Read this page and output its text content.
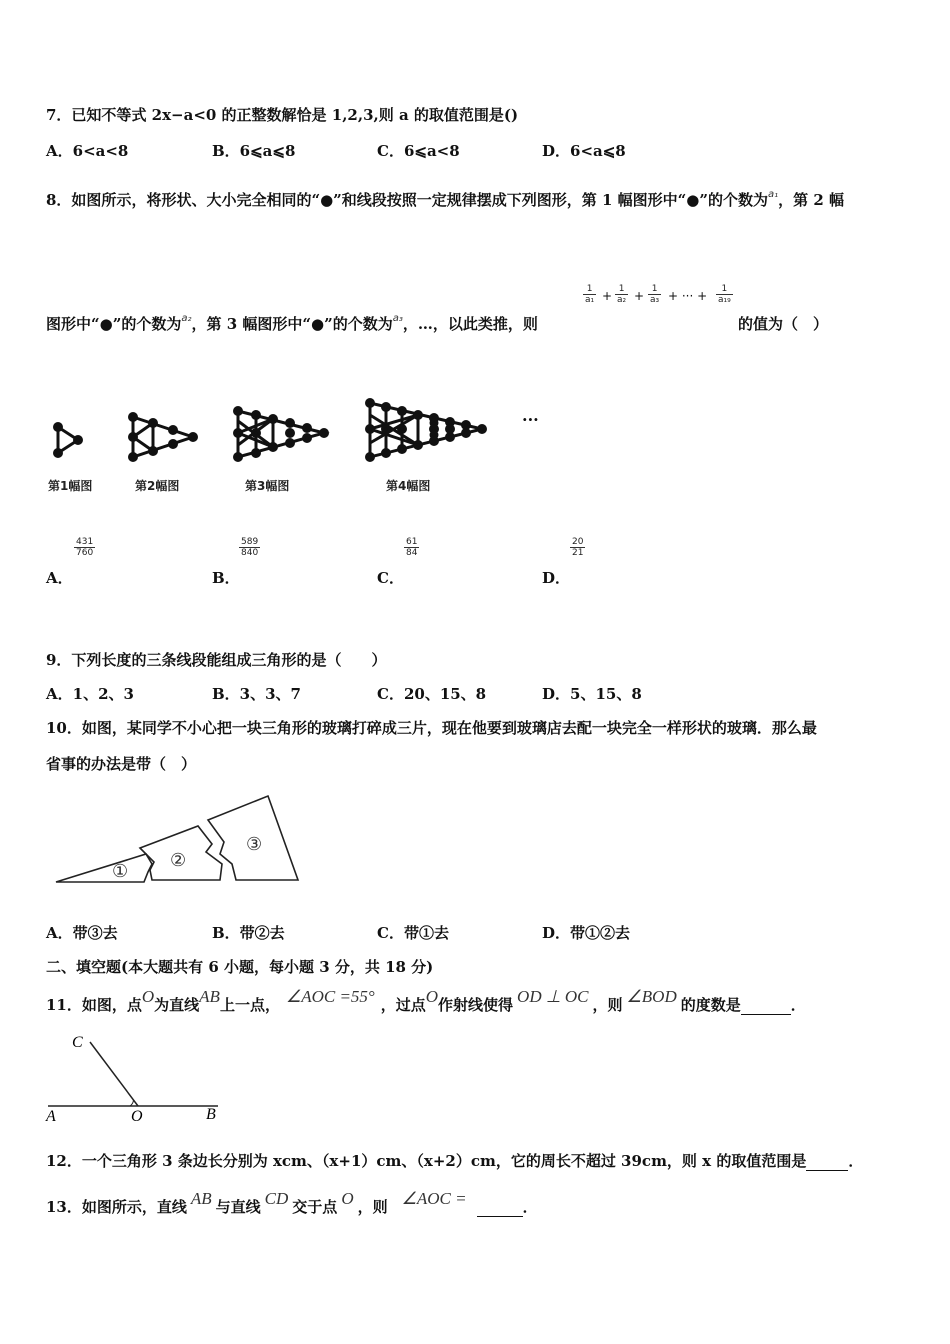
7．已知不等式 2x−a<0 的正整数解恰是 1,2,3,则 a 的取值范围是()
A．6<a<8	B．6⩽a⩽8	C．6⩽a<8	D．6<a⩽8
8．如图所示，将形状、大小完全相同的“●”和线段按照一定规律摆成下列图形，第 1 幅图形中“●”的个数为$^{a_1}$，第 2 幅
图形中“●”的个数为$^{a_2}$，第 3 幅图形中“●”的个数为$^{a_3}$，…，以此类推，则	的值为（　）
$\frac{1}{\text{a₁}} + \frac{1}{\text{a₂}} + \frac{1}{\text{a₃}}$ + ··· + $\frac{1}{\text{a₁₉}}$
···
第1幅图	第2幅图	第3幅图	第4幅图
A．
$\frac{431}{760}$
B．
$\frac{589}{840}$
C．
$\frac{61}{84}$
D．
$\frac{20}{21}$
9．下列长度的三条线段能组成三角形的是（　　）
A．1、2、3	B．3、3、7	C．20、15、8	D．5、15、8
10．如图，某同学不小心把一块三角形的玻璃打碎成三片，现在他要到玻璃店去配一块完全一样形状的玻璃．那么最
省事的办法是带（　）
①
②
③
A．带③去	B．带②去	C．带①去	D．带①②去
二、填空题(本大题共有 6 小题，每小题 3 分，共 18 分)
11．如图，点O为直线AB上一点， ∠AOC =55° ，过点O作射线使得 OD ⊥ OC ，则 ∠BOD 的度数是	．
C
A	O	B
12．一个三角形 3 条边长分别为 xcm、（x+1）cm、（x+2）cm，它的周长不超过 39cm，则 x 的取值范围是	．
13．如图所示，直线 AB 与直线 CD 交于点 O ，则 ∠AOC =	．
